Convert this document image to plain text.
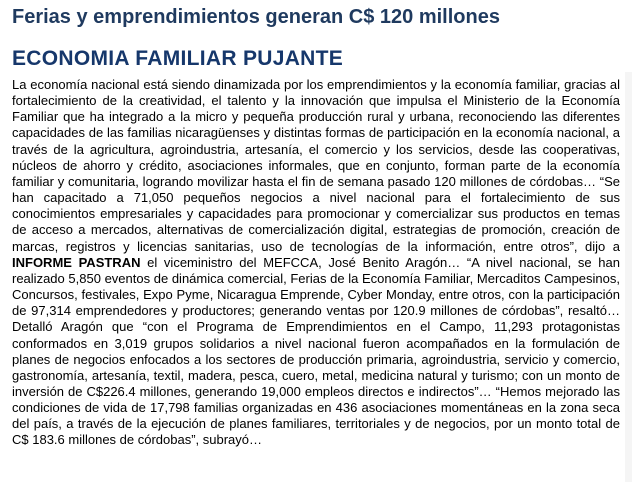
Ferias y emprendimientos generan C$ 120 millones
ECONOMIA FAMILIAR PUJANTE

La economía nacional está siendo dinamizada por los emprendimientos y la economía familiar, gracias al fortalecimiento de la creatividad, el talento y la innovación que impulsa el Ministerio de la Economía Familiar que ha integrado a la micro y pequeña producción rural y urbana, reconociendo las diferentes capacidades de las familias nicaragüenses y distintas formas de participación en la economía nacional, a través de la agricultura, agroindustria, artesanía, el comercio y los servicios, desde las cooperativas, núcleos de ahorro y crédito, asociaciones informales, que en conjunto, forman parte de la economía familiar y comunitaria, logrando movilizar hasta el fin de semana pasado 120 millones de córdobas… “Se han capacitado a 71,050 pequeños negocios a nivel nacional para el fortalecimiento de sus conocimientos empresariales y capacidades para promocionar y comercializar sus productos en temas de acceso a mercados, alternativas de comercialización digital, estrategias de promoción, creación de marcas, registros y licencias sanitarias, uso de tecnologías de la información, entre otros”, dijo a INFORME PASTRAN el viceministro del MEFCCA, José Benito Aragón… “A nivel nacional, se han realizado 5,850 eventos de dinámica comercial, Ferias de la Economía Familiar, Mercaditos Campesinos, Concursos, festivales, Expo Pyme, Nicaragua Emprende, Cyber Monday, entre otros, con la participación de 97,314 emprendedores y productores; generando ventas por 120.9 millones de córdobas”, resaltó… Detalló Aragón que “con el Programa de Emprendimientos en el Campo, 11,293 protagonistas conformados en 3,019 grupos solidarios a nivel nacional fueron acompañados en la formulación de planes de negocios enfocados a los sectores de producción primaria, agroindustria, servicio y comercio, gastronomía, artesanía, textil, madera, pesca, cuero, metal, medicina natural y turismo; con un monto de inversión de C$226.4 millones, generando 19,000 empleos directos e indirectos”… “Hemos mejorado las condiciones de vida de 17,798 familias organizadas en 436 asociaciones momentáneas en la zona seca del país, a través de la ejecución de planes familiares, territoriales y de negocios, por un monto total de C$ 183.6 millones de córdobas”, subrayó…
